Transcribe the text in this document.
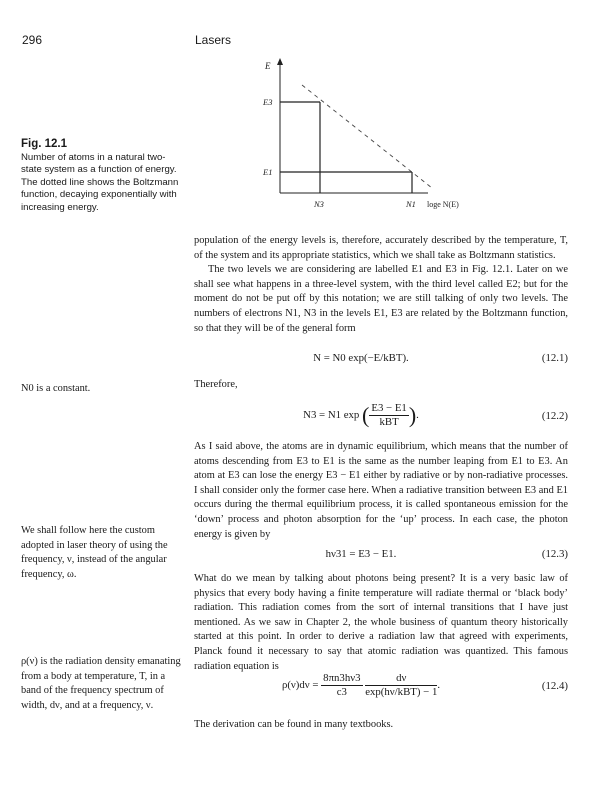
296	Lasers
E
E3
E1
N3	N1 loge N(E)
Fig. 12.1
Number of atoms in a natural two-state system as a function of energy. The dotted line shows the Boltzmann function, decaying exponentially with increasing energy.

population of the energy levels is, therefore, accurately described by the temperature, T, of the system and its appropriate statistics, which we shall take as Boltzmann statistics.

The two levels we are considering are labelled E1 and E3 in Fig. 12.1. Later on we shall see what happens in a three-level system, with the third level called E2; but for the moment do not be put off by this notation; we are still talking of only two levels. The numbers of electrons N1, N3 in the levels E1, E3 are related by the Boltzmann function, so that they will be of the general form

N = N0 exp(−E/kBT).	(12.1)
Therefore,
N3 = N1 exp ( $\frac{E3 - E1}{\text{kBT}}$ ).	(12.2)
As I said above, the atoms are in dynamic equilibrium, which means that the number of atoms descending from E3 to E1 is the same as the number leaping from E1 to E3. An atom at E3 can lose the energy E3 − E1 either by radiative or by non-radiative processes. I shall consider only the former case here. When a radiative transition between E3 and E1 occurs during the thermal equilibrium process, it is called spontaneous emission for the ‘down’ process and photon absorption for the ‘up’ process. In each case, the photon energy is given by
hν31 = E3 − E1.	(12.3)
What do we mean by talking about photons being present? It is a very basic law of physics that every body having a finite temperature will radiate thermal or ‘black body’ radiation. This radiation comes from the sort of internal transitions that I have just mentioned. As we saw in Chapter 2, the whole business of quantum theory historically started at this point. In order to derive a radiation law that agreed with experiments, Planck found it necessary to say that atomic radiation was quantized. This famous radiation equation is
$\rho(\nu)d\nu = \frac{8\pi n3h\nu 3}{c3}$
$\frac{d\nu}{\text{exp(hν/kBT) − 1}}$ .	(12.4)
The derivation can be found in many textbooks.
N0 is a constant.
We shall follow here the custom adopted in laser theory of using the frequency, ν, instead of the angular frequency, ω.
ρ(ν) is the radiation density emanating from a body at temperature, T, in a band of the frequency spectrum of width, dν, and at a frequency, ν.
